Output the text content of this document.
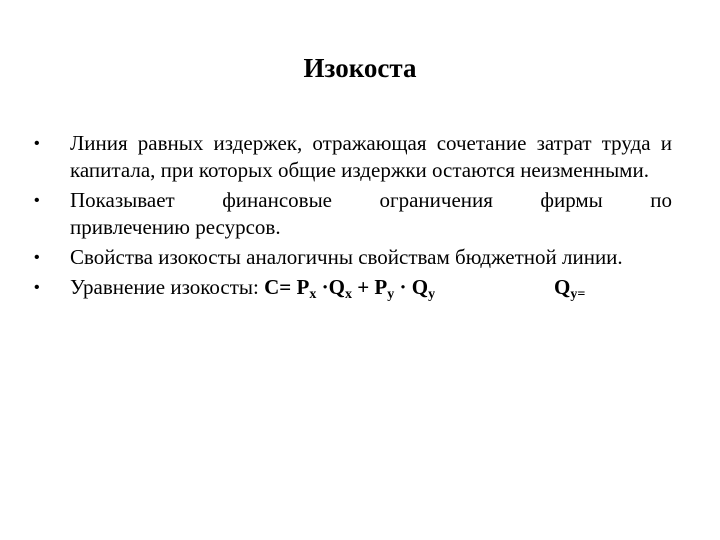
Изокоста
•	Линия равных издержек, отражающая сочетание затрат труда и капитала, при которых общие издержки остаются неизменными.
•	Показывает финансовые ограничения фирмы по
привлечению ресурсов.
•	Свойства изокосты аналогичны свойствам бюджетной линии.
•	Уравнение изокосты: $C= P_x \cdot Q_x + P_y \cdot Q_y$	$Q_{y=}$
